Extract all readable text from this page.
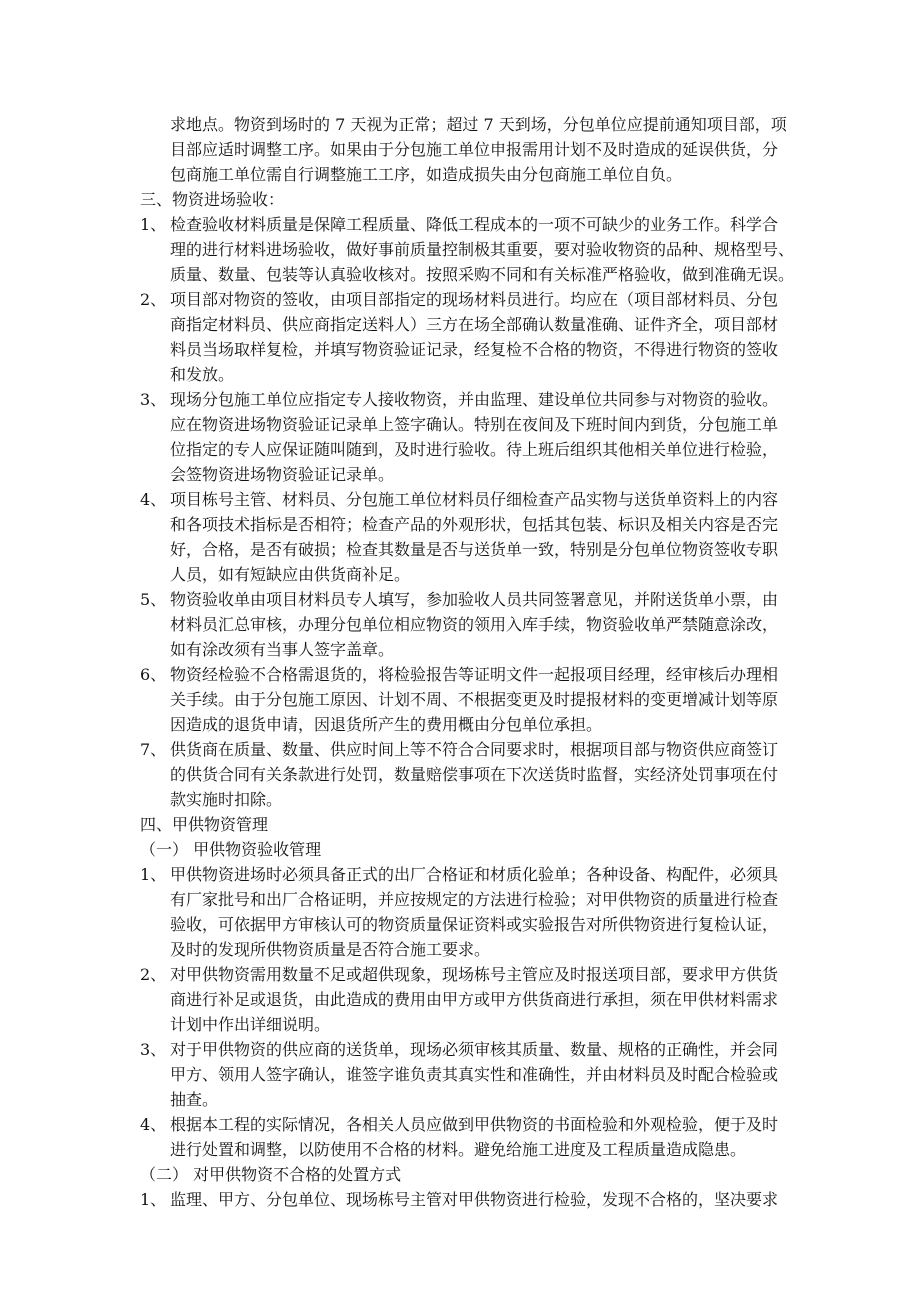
求地点。物资到场时的 7 天视为正常；超过 7 天到场，分包单位应提前通知项目部，项
目部应适时调整工序。如果由于分包施工单位申报需用计划不及时造成的延误供货，分
包商施工单位需自行调整施工工序，如造成损失由分包商施工单位自负。
三、物资进场验收：
1、 检查验收材料质量是保障工程质量、降低工程成本的一项不可缺少的业务工作。科学合
理的进行材料进场验收，做好事前质量控制极其重要，要对验收物资的品种、规格型号、
质量、数量、包装等认真验收核对。按照采购不同和有关标准严格验收，做到准确无误。
2、 项目部对物资的签收，由项目部指定的现场材料员进行。均应在（项目部材料员、分包
商指定材料员、供应商指定送料人）三方在场全部确认数量准确、证件齐全，项目部材
料员当场取样复检，并填写物资验证记录，经复检不合格的物资，不得进行物资的签收
和发放。
3、 现场分包施工单位应指定专人接收物资，并由监理、建设单位共同参与对物资的验收。
应在物资进场物资验证记录单上签字确认。特别在夜间及下班时间内到货，分包施工单
位指定的专人应保证随叫随到，及时进行验收。待上班后组织其他相关单位进行检验，
会签物资进场物资验证记录单。
4、 项目栋号主管、材料员、分包施工单位材料员仔细检查产品实物与送货单资料上的内容
和各项技术指标是否相符；检查产品的外观形状，包括其包装、标识及相关内容是否完
好，合格，是否有破损；检查其数量是否与送货单一致，特别是分包单位物资签收专职
人员，如有短缺应由供货商补足。
5、 物资验收单由项目材料员专人填写，参加验收人员共同签署意见，并附送货单小票，由
材料员汇总审核，办理分包单位相应物资的领用入库手续，物资验收单严禁随意涂改，
如有涂改须有当事人签字盖章。
6、 物资经检验不合格需退货的，将检验报告等证明文件一起报项目经理，经审核后办理相
关手续。由于分包施工原因、计划不周、不根据变更及时提报材料的变更增减计划等原
因造成的退货申请，因退货所产生的费用概由分包单位承担。
7、 供货商在质量、数量、供应时间上等不符合合同要求时，根据项目部与物资供应商签订
的供货合同有关条款进行处罚，数量赔偿事项在下次送货时监督，实经济处罚事项在付
款实施时扣除。
四、甲供物资管理
（一） 甲供物资验收管理
1、 甲供物资进场时必须具备正式的出厂合格证和材质化验单；各种设备、构配件，必须具
有厂家批号和出厂合格证明，并应按规定的方法进行检验；对甲供物资的质量进行检查
验收，可依据甲方审核认可的物资质量保证资料或实验报告对所供物资进行复检认证，
及时的发现所供物资质量是否符合施工要求。
2、 对甲供物资需用数量不足或超供现象，现场栋号主管应及时报送项目部，要求甲方供货
商进行补足或退货，由此造成的费用由甲方或甲方供货商进行承担，须在甲供材料需求
计划中作出详细说明。
3、 对于甲供物资的供应商的送货单，现场必须审核其质量、数量、规格的正确性，并会同
甲方、领用人签字确认，谁签字谁负责其真实性和准确性，并由材料员及时配合检验或
抽查。
4、 根据本工程的实际情况，各相关人员应做到甲供物资的书面检验和外观检验，便于及时
进行处置和调整，以防使用不合格的材料。避免给施工进度及工程质量造成隐患。
（二） 对甲供物资不合格的处置方式
1、 监理、甲方、分包单位、现场栋号主管对甲供物资进行检验，发现不合格的，坚决要求
